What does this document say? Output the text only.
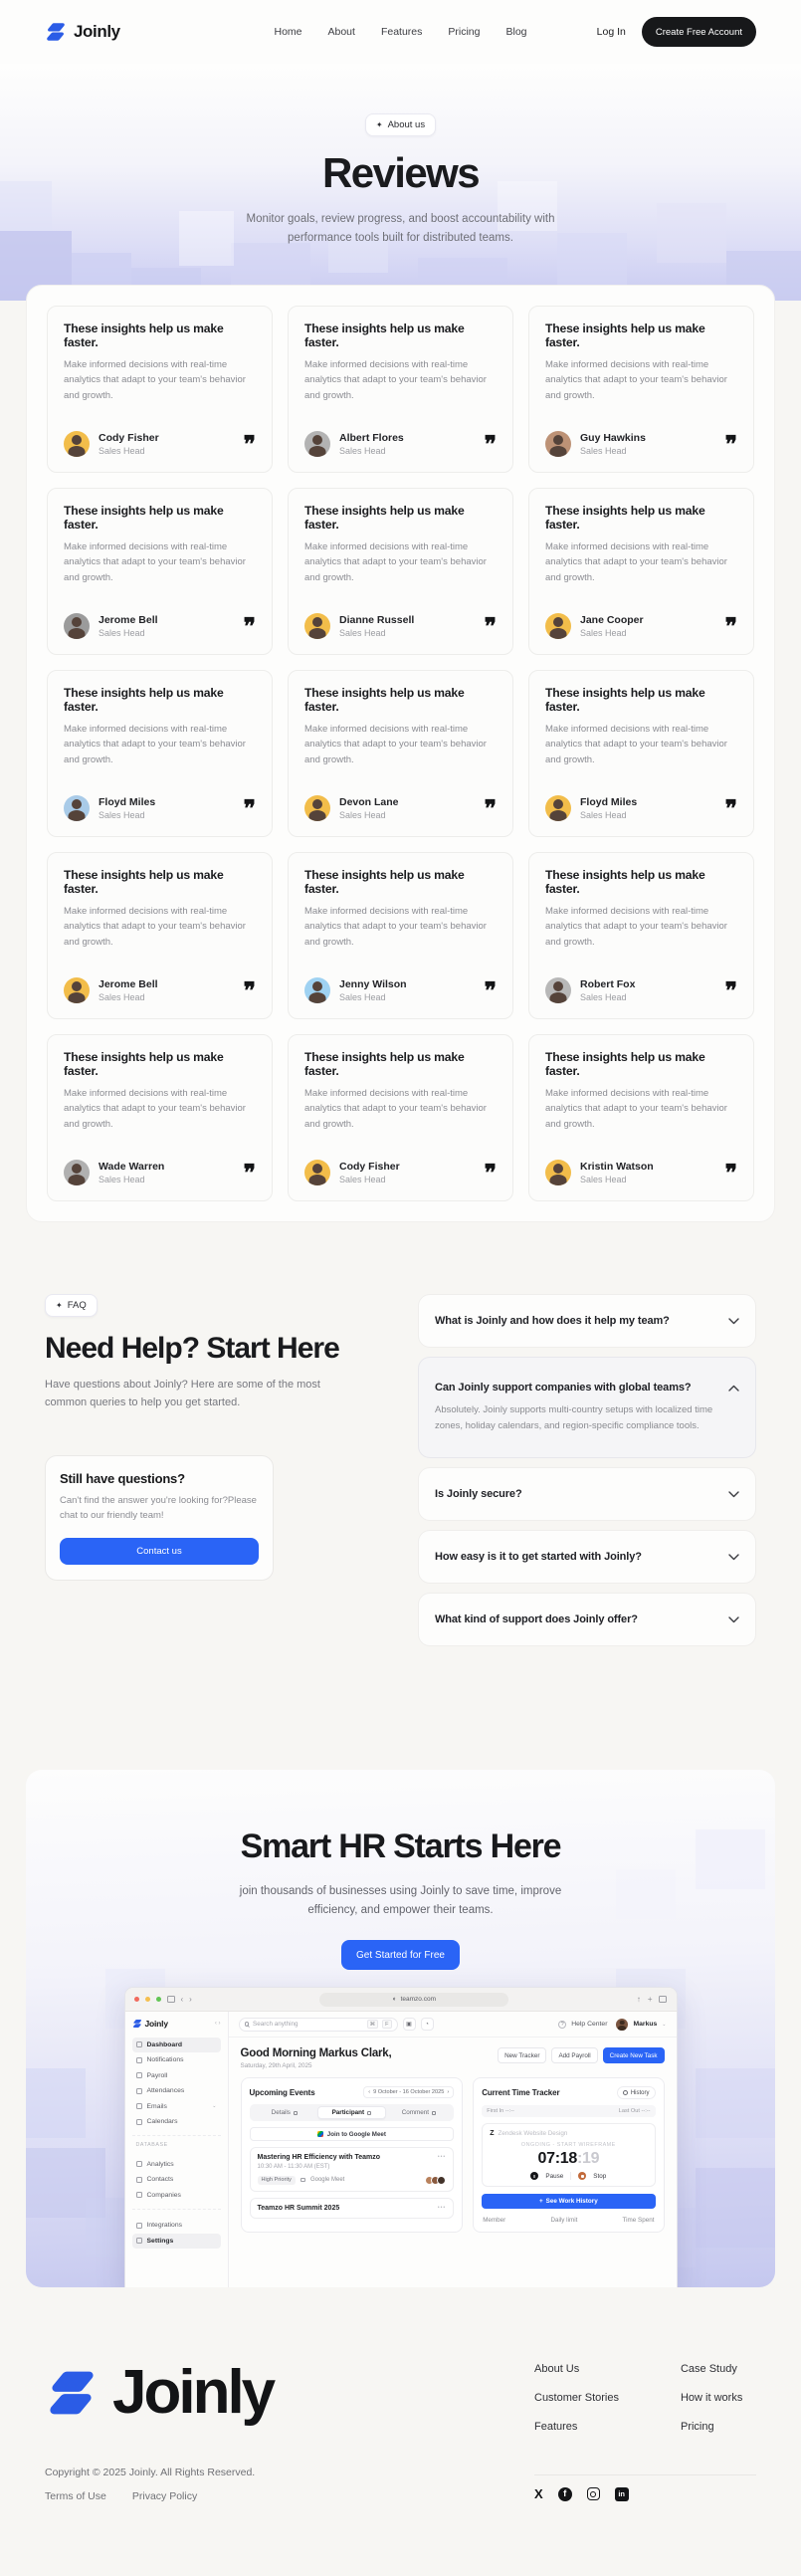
Joinly	Home About Features Pricing Blog	Log In	Create Free Account
✦ About us
Reviews

Monitor goals, review progress, and boost accountability with performance tools built for distributed teams.

These insights help us make faster.
Make informed decisions with real-time analytics that adapt to your team's behavior and growth.
Cody Fisher
Sales Head	❞
These insights help us make faster.
Make informed decisions with real-time analytics that adapt to your team's behavior and growth.
Albert Flores
Sales Head	❞
These insights help us make faster.
Make informed decisions with real-time analytics that adapt to your team's behavior and growth.
Guy Hawkins
Sales Head	❞
These insights help us make faster.
Make informed decisions with real-time analytics that adapt to your team's behavior and growth.
Jerome Bell
Sales Head	❞
These insights help us make faster.
Make informed decisions with real-time analytics that adapt to your team's behavior and growth.
Dianne Russell
Sales Head	❞
These insights help us make faster.
Make informed decisions with real-time analytics that adapt to your team's behavior and growth.
Jane Cooper
Sales Head	❞
These insights help us make faster.
Make informed decisions with real-time analytics that adapt to your team's behavior and growth.
Floyd Miles
Sales Head	❞
These insights help us make faster.
Make informed decisions with real-time analytics that adapt to your team's behavior and growth.
Devon Lane
Sales Head	❞
These insights help us make faster.
Make informed decisions with real-time analytics that adapt to your team's behavior and growth.
Floyd Miles
Sales Head	❞
These insights help us make faster.
Make informed decisions with real-time analytics that adapt to your team's behavior and growth.
Jerome Bell
Sales Head	❞
These insights help us make faster.
Make informed decisions with real-time analytics that adapt to your team's behavior and growth.
Jenny Wilson
Sales Head	❞
These insights help us make faster.
Make informed decisions with real-time analytics that adapt to your team's behavior and growth.
Robert Fox
Sales Head	❞
These insights help us make faster.
Make informed decisions with real-time analytics that adapt to your team's behavior and growth.
Wade Warren
Sales Head	❞
These insights help us make faster.
Make informed decisions with real-time analytics that adapt to your team's behavior and growth.
Cody Fisher
Sales Head	❞
These insights help us make faster.
Make informed decisions with real-time analytics that adapt to your team's behavior and growth.
Kristin Watson
Sales Head	❞
✦ FAQ
Need Help? Start Here

Have questions about Joinly? Here are some of the most common queries to help you get started.

Still have questions?

Can't find the answer you're looking for?Please chat to our friendly team!

Contact us
What is Joinly and how does it help my team?
Can Joinly support companies with global teams?
Absolutely. Joinly supports multi-country setups with localized time zones, holiday calendars, and region-specific compliance tools.
Is Joinly secure?
How easy is it to get started with Joinly?
What kind of support does Joinly offer?
Smart HR Starts Here

join thousands of businesses using Joinly to save time, improve efficiency, and empower their teams.

Get Started for Free
‹ ›	◐ teamzo.com	↑ +
Joinly	‹ ›
Dashboard
Notifications
Payroll
Attendances
Emails	⌄
Calendars
DATABASE
Analytics
Contacts
Companies
Integrations
Settings
Search anything	⌘	F	▣	◔	?	Help Center	Markus ⌄
Good Morning Markus Clark,
Saturday, 29th April, 2025
New Tracker	Add Payroll	Create New Task
Upcoming Events	‹ 9 October - 16 October 2025 ›
Details	Participant	Comment
Join to Google Meet
Mastering HR Efficiency with Teamzo
10:30 AM - 11:30 AM (EST)
•••
High Priority	Google Meet
Teamzo HR Summit 2025	•••
Current Time Tracker	History
First In --:--	Last Out --:--
Z Zendesk Website Design
ONGOING - START WIREFRAME
07:18:19
Pause	Stop
+ See Work History
Member	Daily limit	Time Spent
Joinly	About Us
Customer Stories
Features
Case Study
How it works
Pricing
Copyright © 2025 Joinly. All Rights Reserved.
Terms of Use Privacy Policy	X	f	in
